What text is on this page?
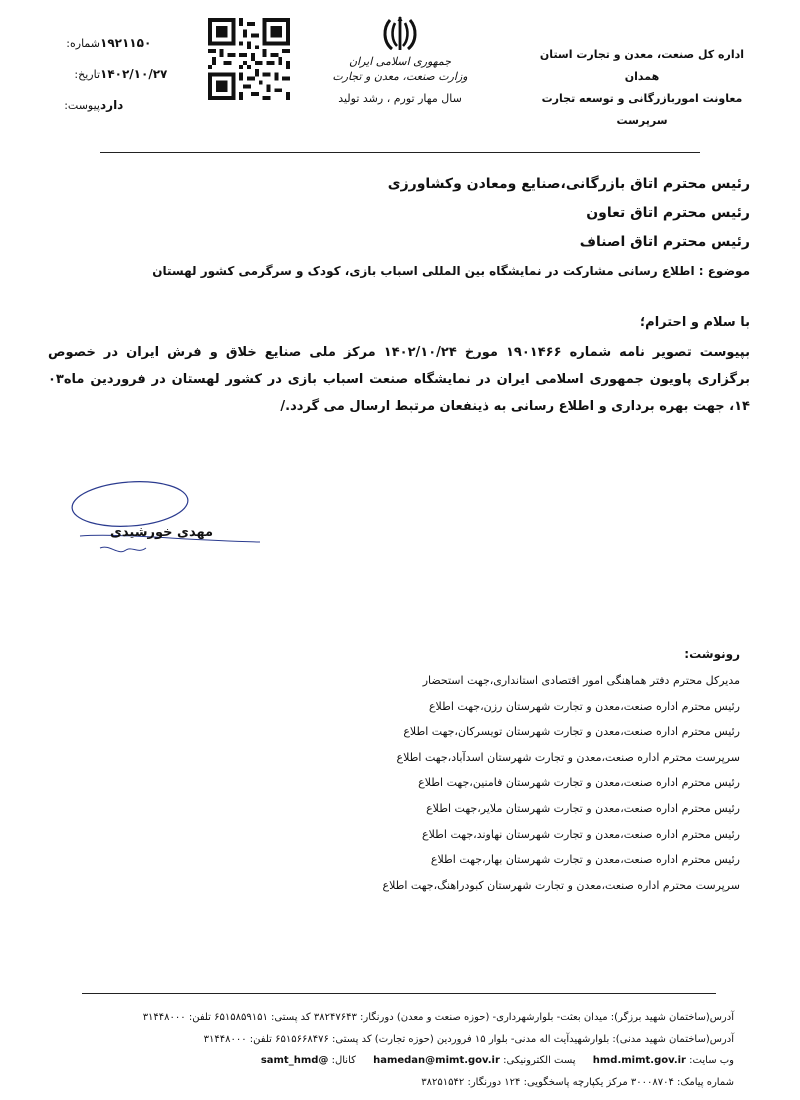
اداره کل صنعت، معدن و تجارت استان همدان
معاونت اموربازرگانی و توسعه تجارت
سرپرست
جمهوری اسلامی ایران
وزارت صنعت، معدن و تجارت
سال مهار تورم ، رشد تولید
شماره: ۱۹۲۱۱۵۰
تاریخ: ۱۴۰۲/۱۰/۲۷
پیوست: دارد
رئیس محترم اتاق بازرگانی،صنایع ومعادن وکشاورزی
رئیس محترم اتاق تعاون
رئیس محترم اتاق اصناف
موضوع : اطلاع رسانی مشارکت در نمایشگاه بین المللی اسباب بازی، کودک و سرگرمی کشور لهستان
با سلام و احترام؛
بپیوست تصویر نامه شماره ۱۹۰۱۴۶۶ مورخ ۱۴۰۲/۱۰/۲۴ مرکز ملی صنایع خلاق و فرش ایران در خصوص برگزاری پاویون جمهوری اسلامی ایران در نمایشگاه صنعت اسباب بازی در کشور لهستان در فروردین ماه۰۳ ۱۴، جهت بهره برداری و اطلاع رسانی به ذینفعان مرتبط ارسال می گردد./
مهدی خورشیدی
رونوشت:
مدیرکل محترم دفتر هماهنگی امور اقتصادی استانداری،جهت استحضار
رئیس محترم اداره صنعت،معدن و تجارت شهرستان رزن،جهت اطلاع
رئیس محترم اداره صنعت،معدن و تجارت شهرستان تویسرکان،جهت اطلاع
سرپرست محترم اداره صنعت،معدن و تجارت شهرستان اسدآباد،جهت اطلاع
رئیس محترم اداره صنعت،معدن و تجارت شهرستان فامنین،جهت اطلاع
رئیس محترم اداره صنعت،معدن و تجارت شهرستان ملایر،جهت اطلاع
رئیس محترم اداره صنعت،معدن و تجارت شهرستان نهاوند،جهت اطلاع
رئیس محترم اداره صنعت،معدن و تجارت شهرستان بهار،جهت اطلاع
سرپرست محترم اداره صنعت،معدن و تجارت شهرستان کبودراهنگ،جهت اطلاع
آدرس(ساختمان شهید برزگر): میدان بعثت- بلوارشهرداری- (حوزه صنعت و معدن) دورنگار: ۳۸۲۴۷۶۴۳ کد پستی: ۶۵۱۵۸۵۹۱۵۱ تلفن: ۳۱۴۴۸۰۰۰
آدرس(ساختمان شهید مدنی): بلوارشهیدآیت اله مدنی- بلوار ۱۵ فروردین (حوزه تجارت) کد پستی: ۶۵۱۵۶۶۸۴۷۶ تلفن: ۳۱۴۴۸۰۰۰
وب سایت: hmd.mimt.gov.ir پست الکترونیکی: hamedan@mimt.gov.ir کانال: @samt_hmd
شماره پیامک: ۳۰۰۰۸۷۰۴ مرکز یکپارچه پاسخگویی: ۱۲۴ دورنگار: ۳۸۲۵۱۵۴۲
